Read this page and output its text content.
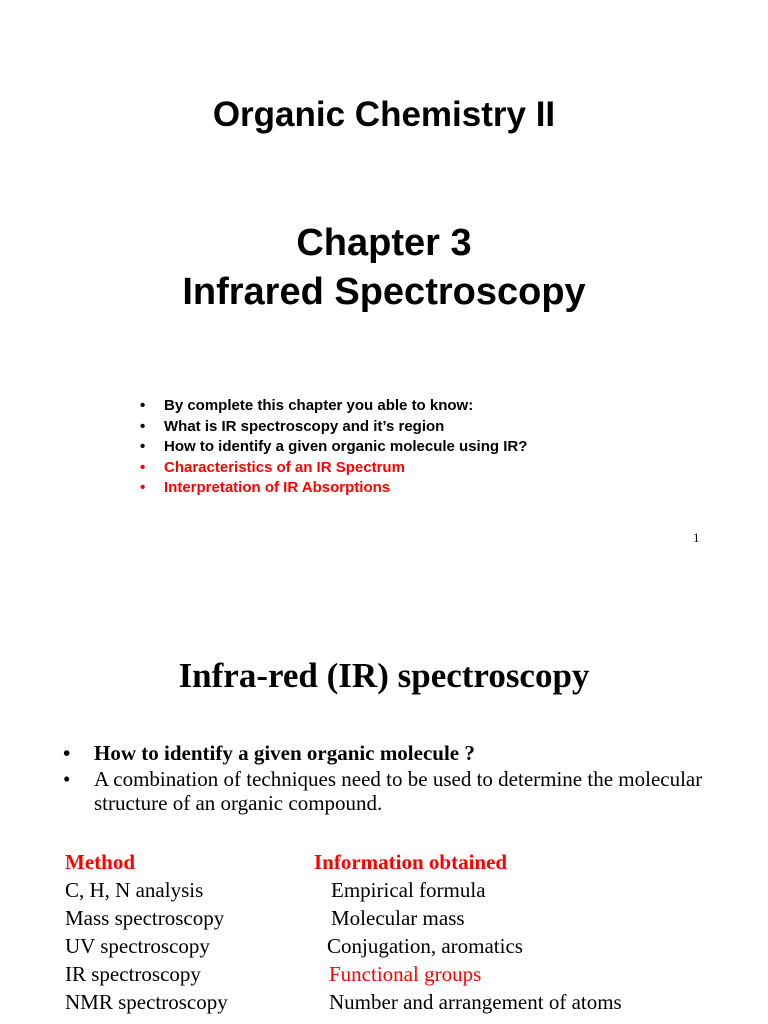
Organic Chemistry II
Chapter 3
Infrared Spectroscopy
•	By complete this chapter you able to know:
•	What is IR spectroscopy and it’s region
•	How to identify a given organic molecule using IR?
•	Characteristics of an IR Spectrum
•	Interpretation of IR Absorptions
1
Infra-red (IR) spectroscopy
•	How to identify a given organic molecule ?
•	A combination of techniques need to be used to determine the molecular structure of an organic compound.
Method	Information obtained
C, H, N analysis	Empirical formula
Mass spectroscopy	Molecular mass
UV spectroscopy	Conjugation, aromatics
IR spectroscopy	Functional groups
NMR spectroscopy	Number and arrangement of atoms
